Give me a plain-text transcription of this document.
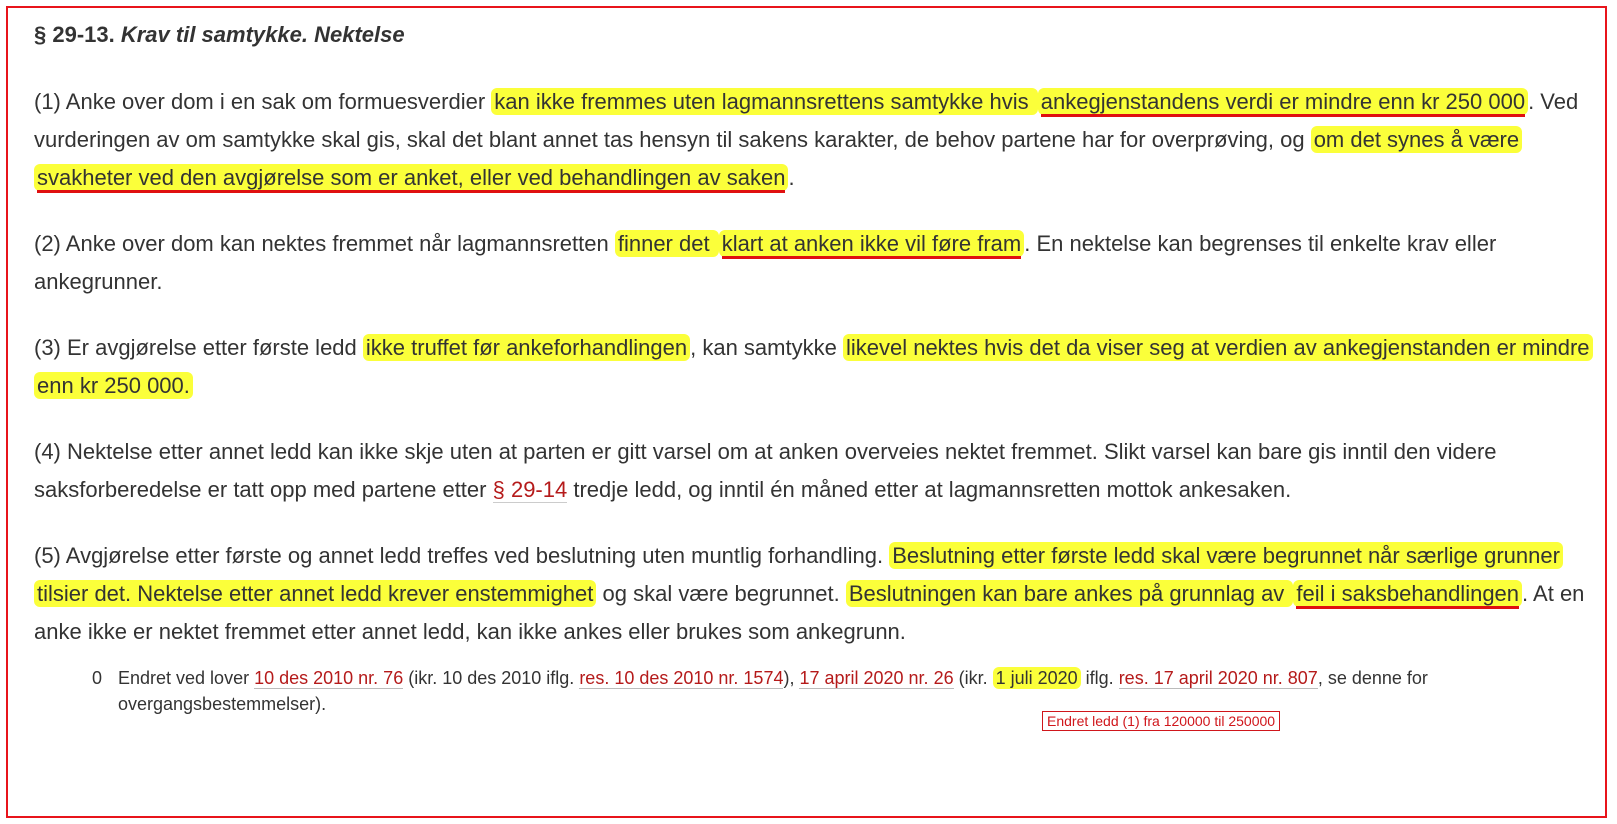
§ 29-13. Krav til samtykke. Nektelse

(1) Anke over dom i en sak om formuesverdier kan ikke fremmes uten lagmannsrettens samtykke hvis ankegjenstandens verdi er mindre enn kr 250 000 . Ved vurderingen av om samtykke skal gis, skal det blant annet tas hensyn til sakens karakter, de behov partene har for overprøving, og om det synes å være svakheter ved den avgjørelse som er anket, eller ved behandlingen av saken .

(2) Anke over dom kan nektes fremmet når lagmannsretten finner det klart at anken ikke vil føre fram . En nektelse kan begrenses til enkelte krav eller ankegrunner.

(3) Er avgjørelse etter første ledd ikke truffet før ankeforhandlingen , kan samtykke likevel nektes hvis det da viser seg at verdien av ankegjenstanden er mindre enn kr 250 000.

(4) Nektelse etter annet ledd kan ikke skje uten at parten er gitt varsel om at anken overveies nektet fremmet. Slikt varsel kan bare gis inntil den videre saksforberedelse er tatt opp med partene etter § 29-14 tredje ledd, og inntil én måned etter at lagmannsretten mottok ankesaken.

(5) Avgjørelse etter første og annet ledd treffes ved beslutning uten muntlig forhandling. Beslutning etter første ledd skal være begrunnet når særlige grunner tilsier det. Nektelse etter annet ledd krever enstemmighet og skal være begrunnet. Beslutningen kan bare ankes på grunnlag av feil i saksbehandlingen . At en anke ikke er nektet fremmet etter annet ledd, kan ikke ankes eller brukes som ankegrunn.

0 Endret ved lover 10 des 2010 nr. 76 (ikr. 10 des 2010 iflg. res. 10 des 2010 nr. 1574), 17 april 2020 nr. 26 (ikr. 1 juli 2020 iflg. res. 17 april 2020 nr. 807, se denne for overgangsbestemmelser).
Endret ledd (1) fra 120000 til 250000
